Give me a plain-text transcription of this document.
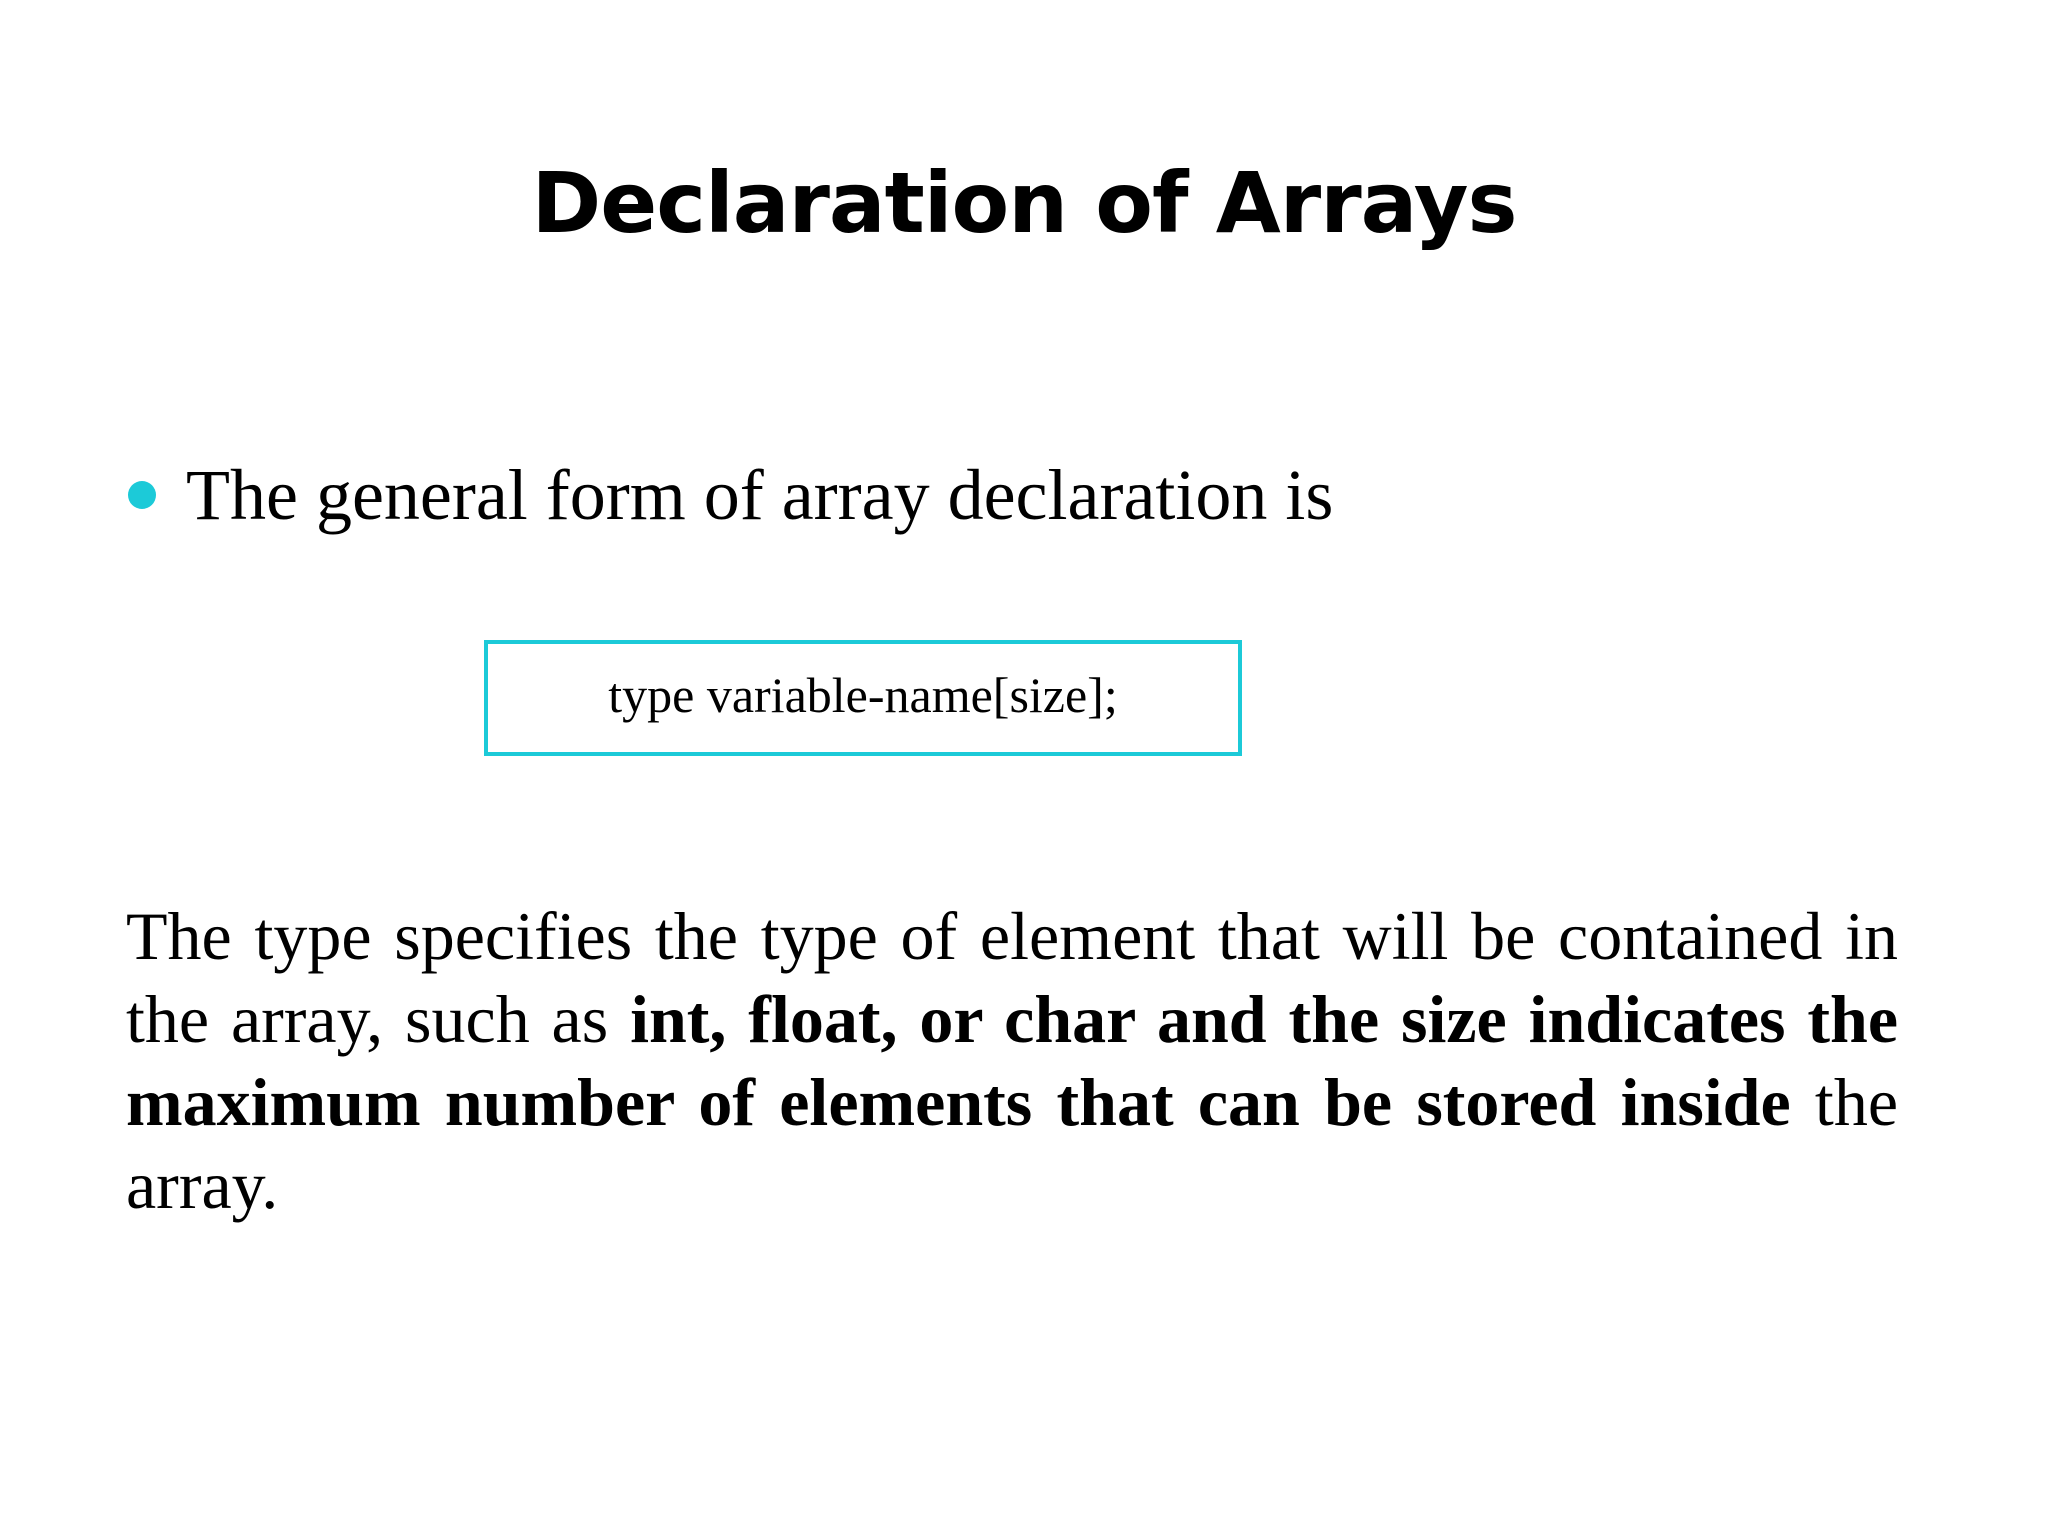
Declaration of Arrays
The general form of array declaration is
type variable-name[size];
The type specifies the type of element that will be contained in the array, such as int, float, or char and the size indicates the maximum number of elements that can be stored inside the array.
